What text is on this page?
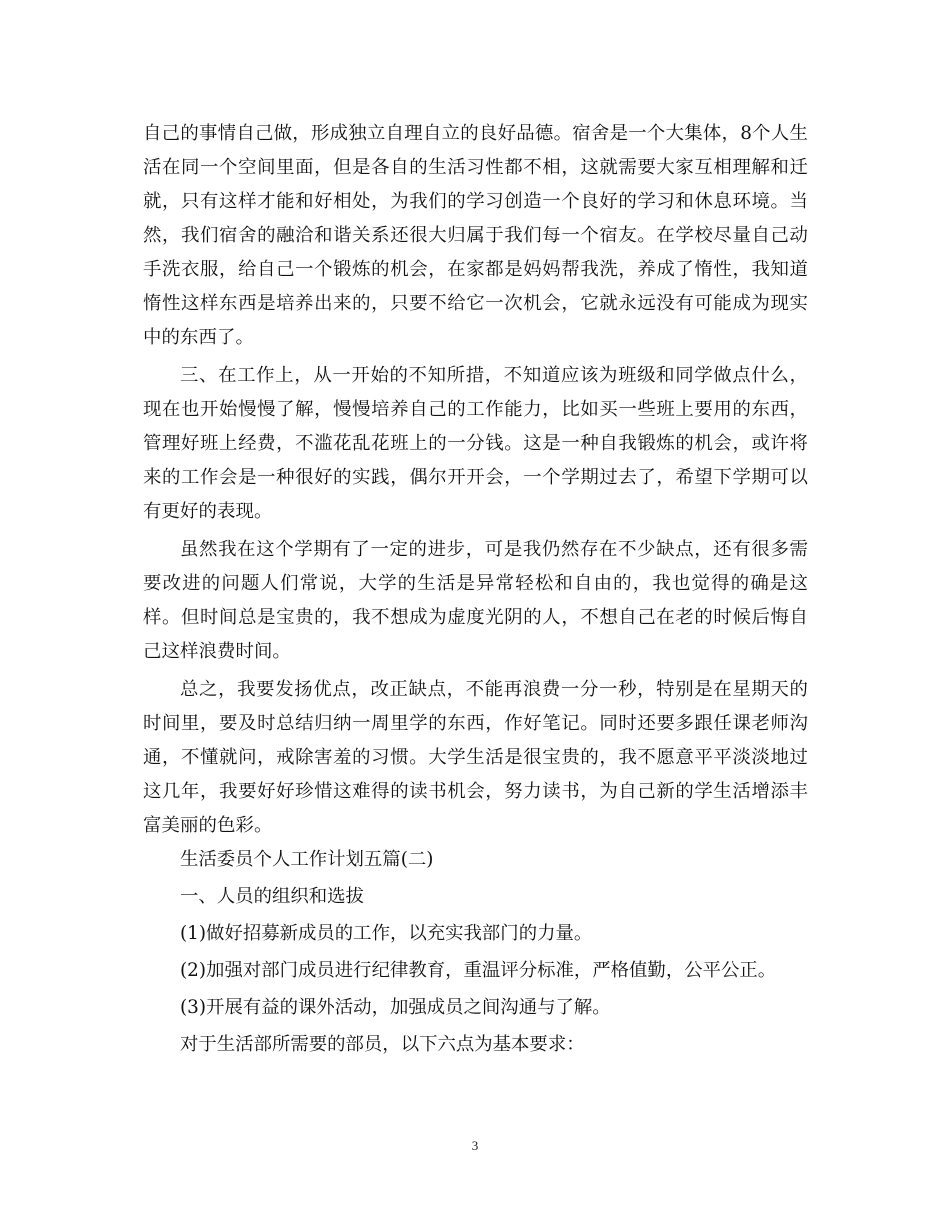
自己的事情自己做，形成独立自理自立的良好品德。宿舍是一个大集体，8个人生活在同一个空间里面，但是各自的生活习性都不相，这就需要大家互相理解和迁就，只有这样才能和好相处，为我们的学习创造一个良好的学习和休息环境。当然，我们宿舍的融洽和谐关系还很大归属于我们每一个宿友。在学校尽量自己动手洗衣服，给自己一个锻炼的机会，在家都是妈妈帮我洗，养成了惰性，我知道惰性这样东西是培养出来的，只要不给它一次机会，它就永远没有可能成为现实中的东西了。

三、在工作上，从一开始的不知所措，不知道应该为班级和同学做点什么，现在也开始慢慢了解，慢慢培养自己的工作能力，比如买一些班上要用的东西，管理好班上经费，不滥花乱花班上的一分钱。这是一种自我锻炼的机会，或许将来的工作会是一种很好的实践，偶尔开开会，一个学期过去了，希望下学期可以有更好的表现。

虽然我在这个学期有了一定的进步，可是我仍然存在不少缺点，还有很多需要改进的问题人们常说，大学的生活是异常轻松和自由的，我也觉得的确是这样。但时间总是宝贵的，我不想成为虚度光阴的人，不想自己在老的时候后悔自己这样浪费时间。

总之，我要发扬优点，改正缺点，不能再浪费一分一秒，特别是在星期天的时间里，要及时总结归纳一周里学的东西，作好笔记。同时还要多跟任课老师沟通，不懂就问，戒除害羞的习惯。大学生活是很宝贵的，我不愿意平平淡淡地过这几年，我要好好珍惜这难得的读书机会，努力读书，为自己新的学生活增添丰富美丽的色彩。

生活委员个人工作计划五篇(二)

一、人员的组织和选拔

(1)做好招募新成员的工作，以充实我部门的力量。

(2)加强对部门成员进行纪律教育，重温评分标准，严格值勤，公平公正。

(3)开展有益的课外活动，加强成员之间沟通与了解。

对于生活部所需要的部员，以下六点为基本要求：

3
